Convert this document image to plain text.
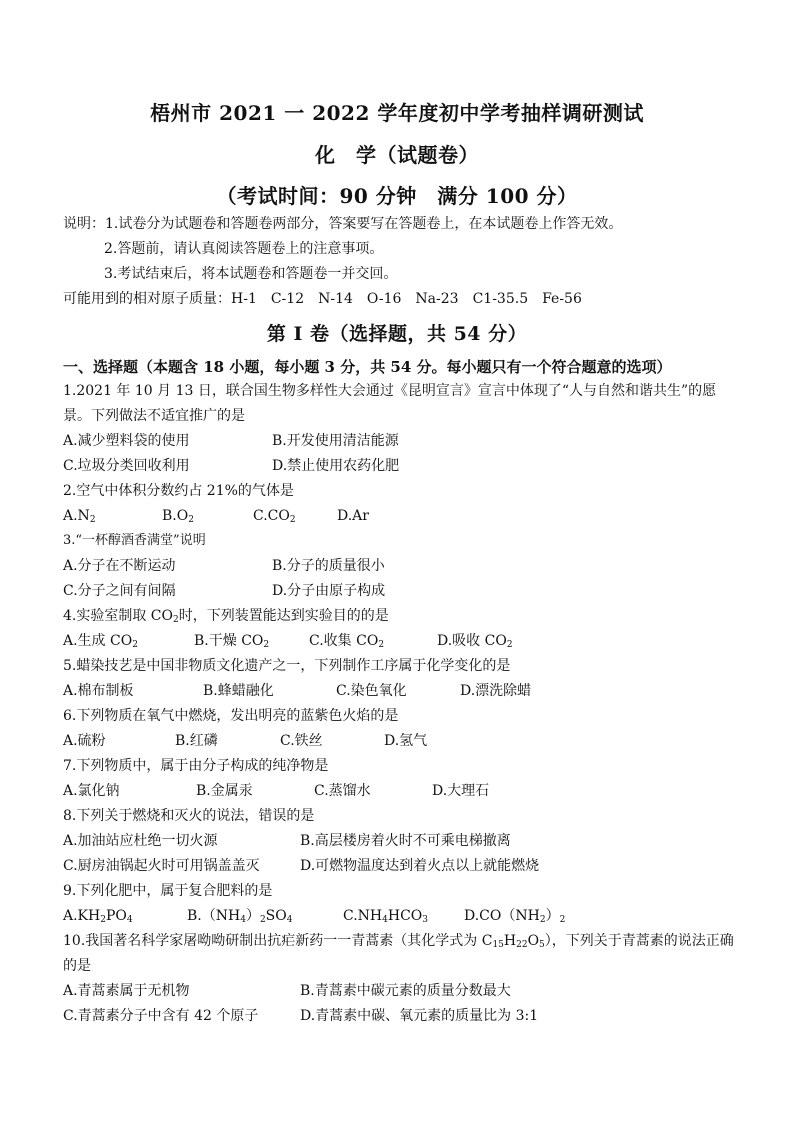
梧州市 2021 一 2022 学年度初中学考抽样调研测试
化　学（试题卷）
（考试时间：90 分钟　满分 100 分）
说明：1.试卷分为试题卷和答题卷两部分，答案要写在答题卷上，在本试题卷上作答无效。
2.答题前，请认真阅读答题卷上的注意事项。
3.考试结束后，将本试题卷和答题卷一并交回。
可能用到的相对原子质量：H-1　C-12　N-14　O-16　Na-23　C1-35.5　Fe-56
第 I 卷（选择题，共 54 分）
一、选择题（本题含 18 小题，每小题 3 分，共 54 分。每小题只有一个符合题意的选项）
1.2021 年 10 月 13 日，联合国生物多样性大会通过《昆明宣言》宣言中体现了“人与自然和谐共生”的愿
景。下列做法不适宜推广的是
A.减少塑料袋的使用	B.开发使用清洁能源
C.垃圾分类回收利用	D.禁止使用农药化肥
2.空气中体积分数约占 21%的气体是
$A.N_2$	$B.O_2$	$C.CO_2$	D.Ar
3.“一杯醇酒香满堂”说明
A.分子在不断运动	B.分子的质量很小
C.分子之间有间隔	D.分子由原子构成
4.实验室制取 $CO_2$时，下列装置能达到实验目的的是
A.生成 $CO_2$	B.干燥 $CO_2$	C.收集 $CO_2$	D.吸收 $CO_2$
5.蜡染技艺是中国非物质文化遗产之一，下列制作工序属于化学变化的是
A.棉布制板	B.蜂蜡融化	C.染色氧化	D.漂洗除蜡
6.下列物质在氧气中燃烧，发出明亮的蓝紫色火焰的是
A.硫粉	B.红磷	C.铁丝	D.氢气
7.下列物质中，属于由分子构成的纯净物是
A.氯化钠	B.金属汞	C.蒸馏水	D.大理石
8.下列关于燃烧和灭火的说法，错误的是
A.加油站应杜绝一切火源	B.高层楼房着火时不可乘电梯撤离
C.厨房油锅起火时可用锅盖盖灭	D.可燃物温度达到着火点以上就能燃烧
9.下列化肥中，属于复合肥料的是
$A.KH_2PO_4$	$B.(NH_4)_2SO_4$	$C.NH_4HCO_3$	$D.CO(NH_2)_2$
10.我国著名科学家屠呦呦研制出抗疟新药一一青蒿素（其化学式为 $C_{15}H_{22}O_5$），下列关于青蒿素的说法正确
的是
A.青蒿素属于无机物	B.青蒿素中碳元素的质量分数最大
C.青蒿素分子中含有 42 个原子	D.青蒿素中碳、氧元素的质量比为 3:1
